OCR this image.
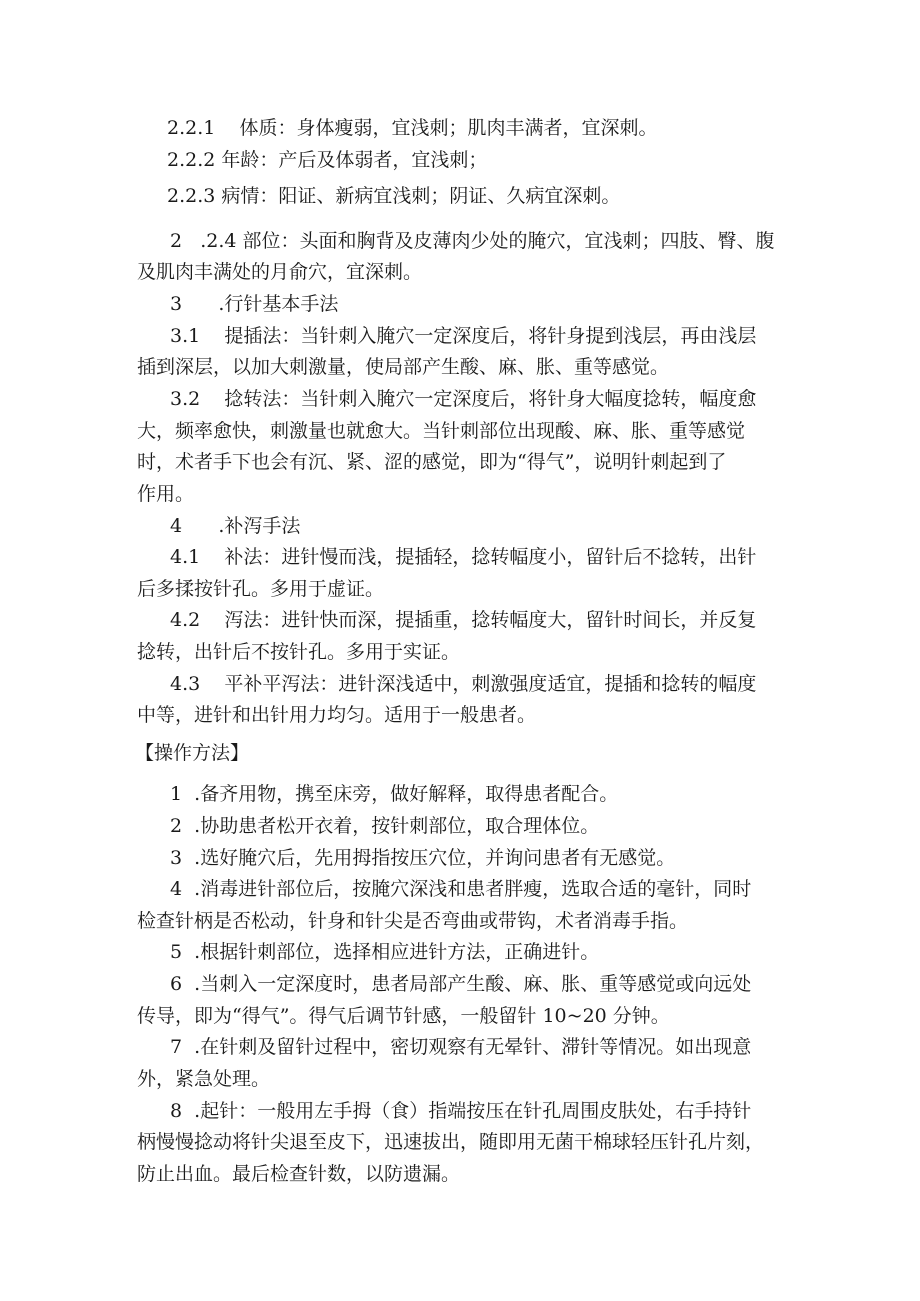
2.2.1    体质：身体瘦弱，宜浅刺；肌肉丰满者，宜深刺。
2.2.2 年龄：产后及体弱者，宜浅刺；
2.2.3 病情：阳证、新病宜浅刺；阴证、久病宜深刺。
2   .2.4 部位：头面和胸背及皮薄肉少处的腌穴，宜浅刺；四肢、臀、腹
及肌肉丰满处的月俞穴，宜深刺。
3      .行针基本手法
3.1    提插法：当针刺入腌穴一定深度后，将针身提到浅层，再由浅层
插到深层，以加大刺激量，使局部产生酸、麻、胀、重等感觉。
3.2    捻转法：当针刺入腌穴一定深度后，将针身大幅度捻转，幅度愈
大，频率愈快，刺激量也就愈大。当针刺部位出现酸、麻、胀、重等感觉
时，术者手下也会有沉、紧、涩的感觉，即为“得气”，说明针刺起到了
作用。
4      .补泻手法
4.1    补法：进针慢而浅，提插轻，捻转幅度小，留针后不捻转，出针
后多揉按针孔。多用于虚证。
4.2    泻法：进针快而深，提插重，捻转幅度大，留针时间长，并反复
捻转，出针后不按针孔。多用于实证。
4.3    平补平泻法：进针深浅适中，刺激强度适宜，提插和捻转的幅度
中等，进针和出针用力均匀。适用于一般患者。
【操作方法】
1  .备齐用物，携至床旁，做好解释，取得患者配合。
2  .协助患者松开衣着，按针刺部位，取合理体位。
3  .选好腌穴后，先用拇指按压穴位，并询问患者有无感觉。
4  .消毒进针部位后，按腌穴深浅和患者胖瘦，选取合适的毫针，同时
检查针柄是否松动，针身和针尖是否弯曲或带钩，术者消毒手指。
5  .根据针刺部位，选择相应进针方法，正确进针。
6  .当刺入一定深度时，患者局部产生酸、麻、胀、重等感觉或向远处
传导，即为“得气”。得气后调节针感，一般留针 10~20 分钟。
7  .在针刺及留针过程中，密切观察有无晕针、滞针等情况。如出现意
外，紧急处理。
8  .起针：一般用左手拇（食）指端按压在针孔周围皮肤处，右手持针
柄慢慢捻动将针尖退至皮下，迅速拔出，随即用无菌干棉球轻压针孔片刻，
防止出血。最后检查针数，以防遗漏。
